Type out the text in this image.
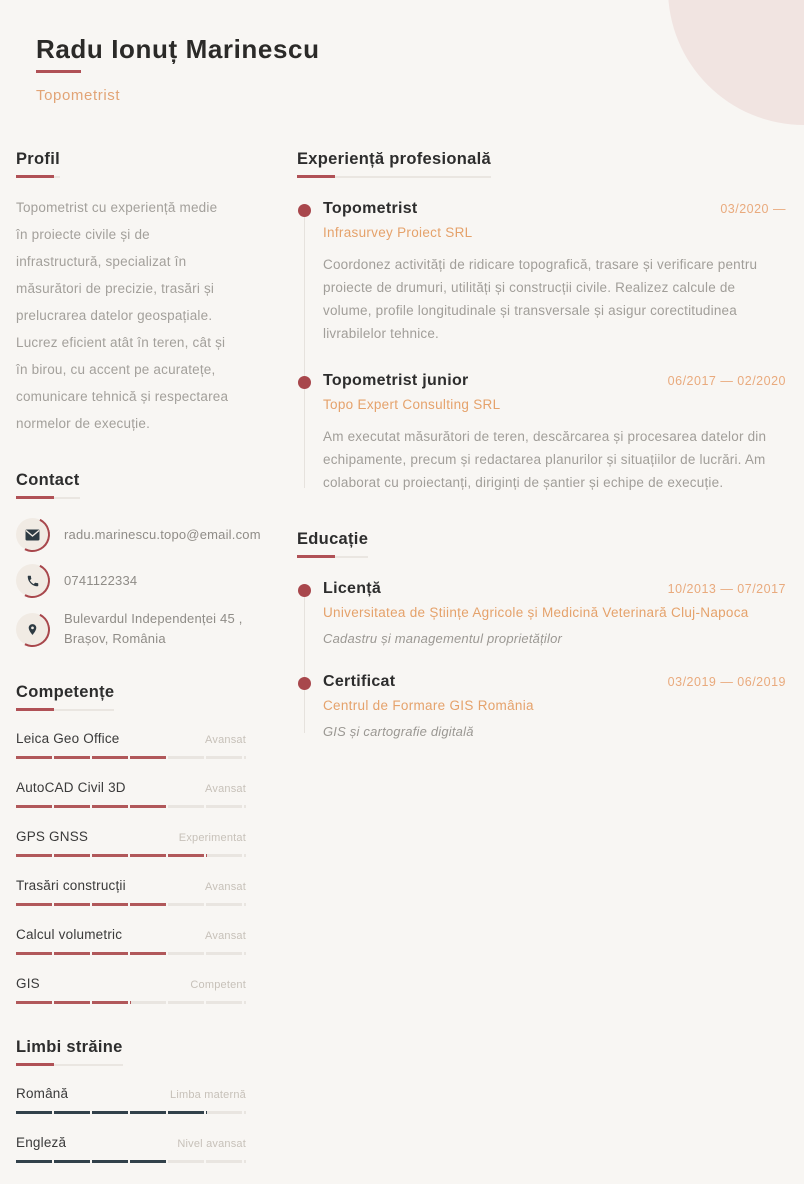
Radu Ionuț Marinescu
Topometrist
Profil

Topometrist cu experiență medie în proiecte civile și de infrastructură, specializat în măsurători de precizie, trasări și prelucrarea datelor geospațiale. Lucrez eficient atât în teren, cât și în birou, cu accent pe acuratețe, comunicare tehnică și respectarea normelor de execuție.

Contact
radu.marinescu.topo@email.com
0741122334
Bulevardul Independenței 45 , Brașov, România
Competențe
Leica Geo Office	Avansat
AutoCAD Civil 3D	Avansat
GPS GNSS	Experimentat
Trasări construcții	Avansat
Calcul volumetric	Avansat
GIS	Competent
Limbi străine
Română	Limba maternă
Engleză	Nivel avansat
Experiență profesională
Topometrist	03/2020 —
Infrasurvey Proiect SRL

Coordonez activități de ridicare topografică, trasare și verificare pentru proiecte de drumuri, utilități și construcții civile. Realizez calcule de volume, profile longitudinale și transversale și asigur corectitudinea livrabilelor tehnice.

Topometrist junior	06/2017 — 02/2020
Topo Expert Consulting SRL

Am executat măsurători de teren, descărcarea și procesarea datelor din echipamente, precum și redactarea planurilor și situațiilor de lucrări. Am colaborat cu proiectanți, diriginți de șantier și echipe de execuție.

Educație
Licență	10/2013 — 07/2017
Universitatea de Științe Agricole și Medicină Veterinară Cluj-Napoca

Cadastru și managementul proprietăților

Certificat	03/2019 — 06/2019
Centrul de Formare GIS România

GIS și cartografie digitală
